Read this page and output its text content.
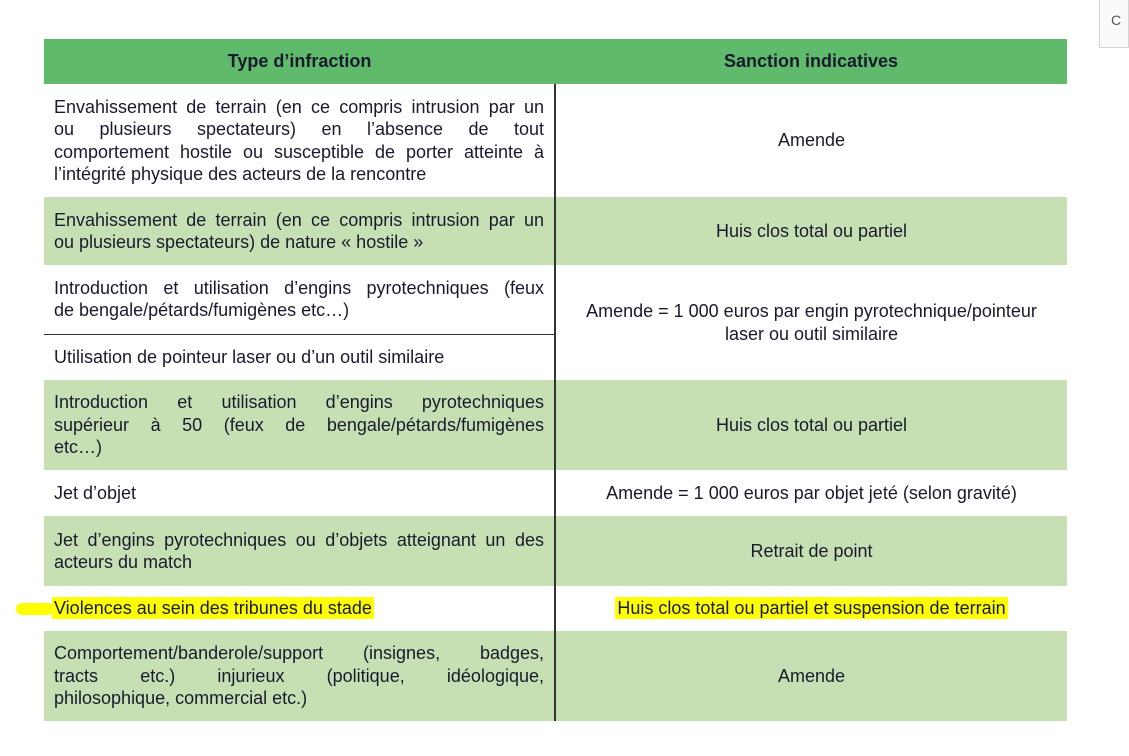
C
Type d’infraction	Sanction indicatives

Envahissement de terrain (en ce compris intrusion par un
ou plusieurs spectateurs) en l’absence de tout
comportement hostile ou susceptible de porter atteinte à
l’intégrité physique des acteurs de la rencontre	Amende

Envahissement de terrain (en ce compris intrusion par un
ou plusieurs spectateurs) de nature « hostile »	Huis clos total ou partiel

Introduction et utilisation d’engins pyrotechniques (feux
de bengale/pétards/fumigènes etc…)	Amende = 1 000 euros par engin pyrotechnique/pointeur
laser ou outil similaire

Utilisation de pointeur laser ou d’un outil similaire	

Introduction et utilisation d’engins pyrotechniques
supérieur à 50 (feux de bengale/pétards/fumigènes
etc…)	Huis clos total ou partiel

Jet d’objet	Amende = 1 000 euros par objet jeté (selon gravité)

Jet d’engins pyrotechniques ou d’objets atteignant un des
acteurs du match	Retrait de point
Violences au sein des tribunes du stade	Huis clos total ou partiel et suspension de terrain

Comportement/banderole/support (insignes, badges,
tracts etc.) injurieux (politique, idéologique,
philosophique, commercial etc.)	Amende
